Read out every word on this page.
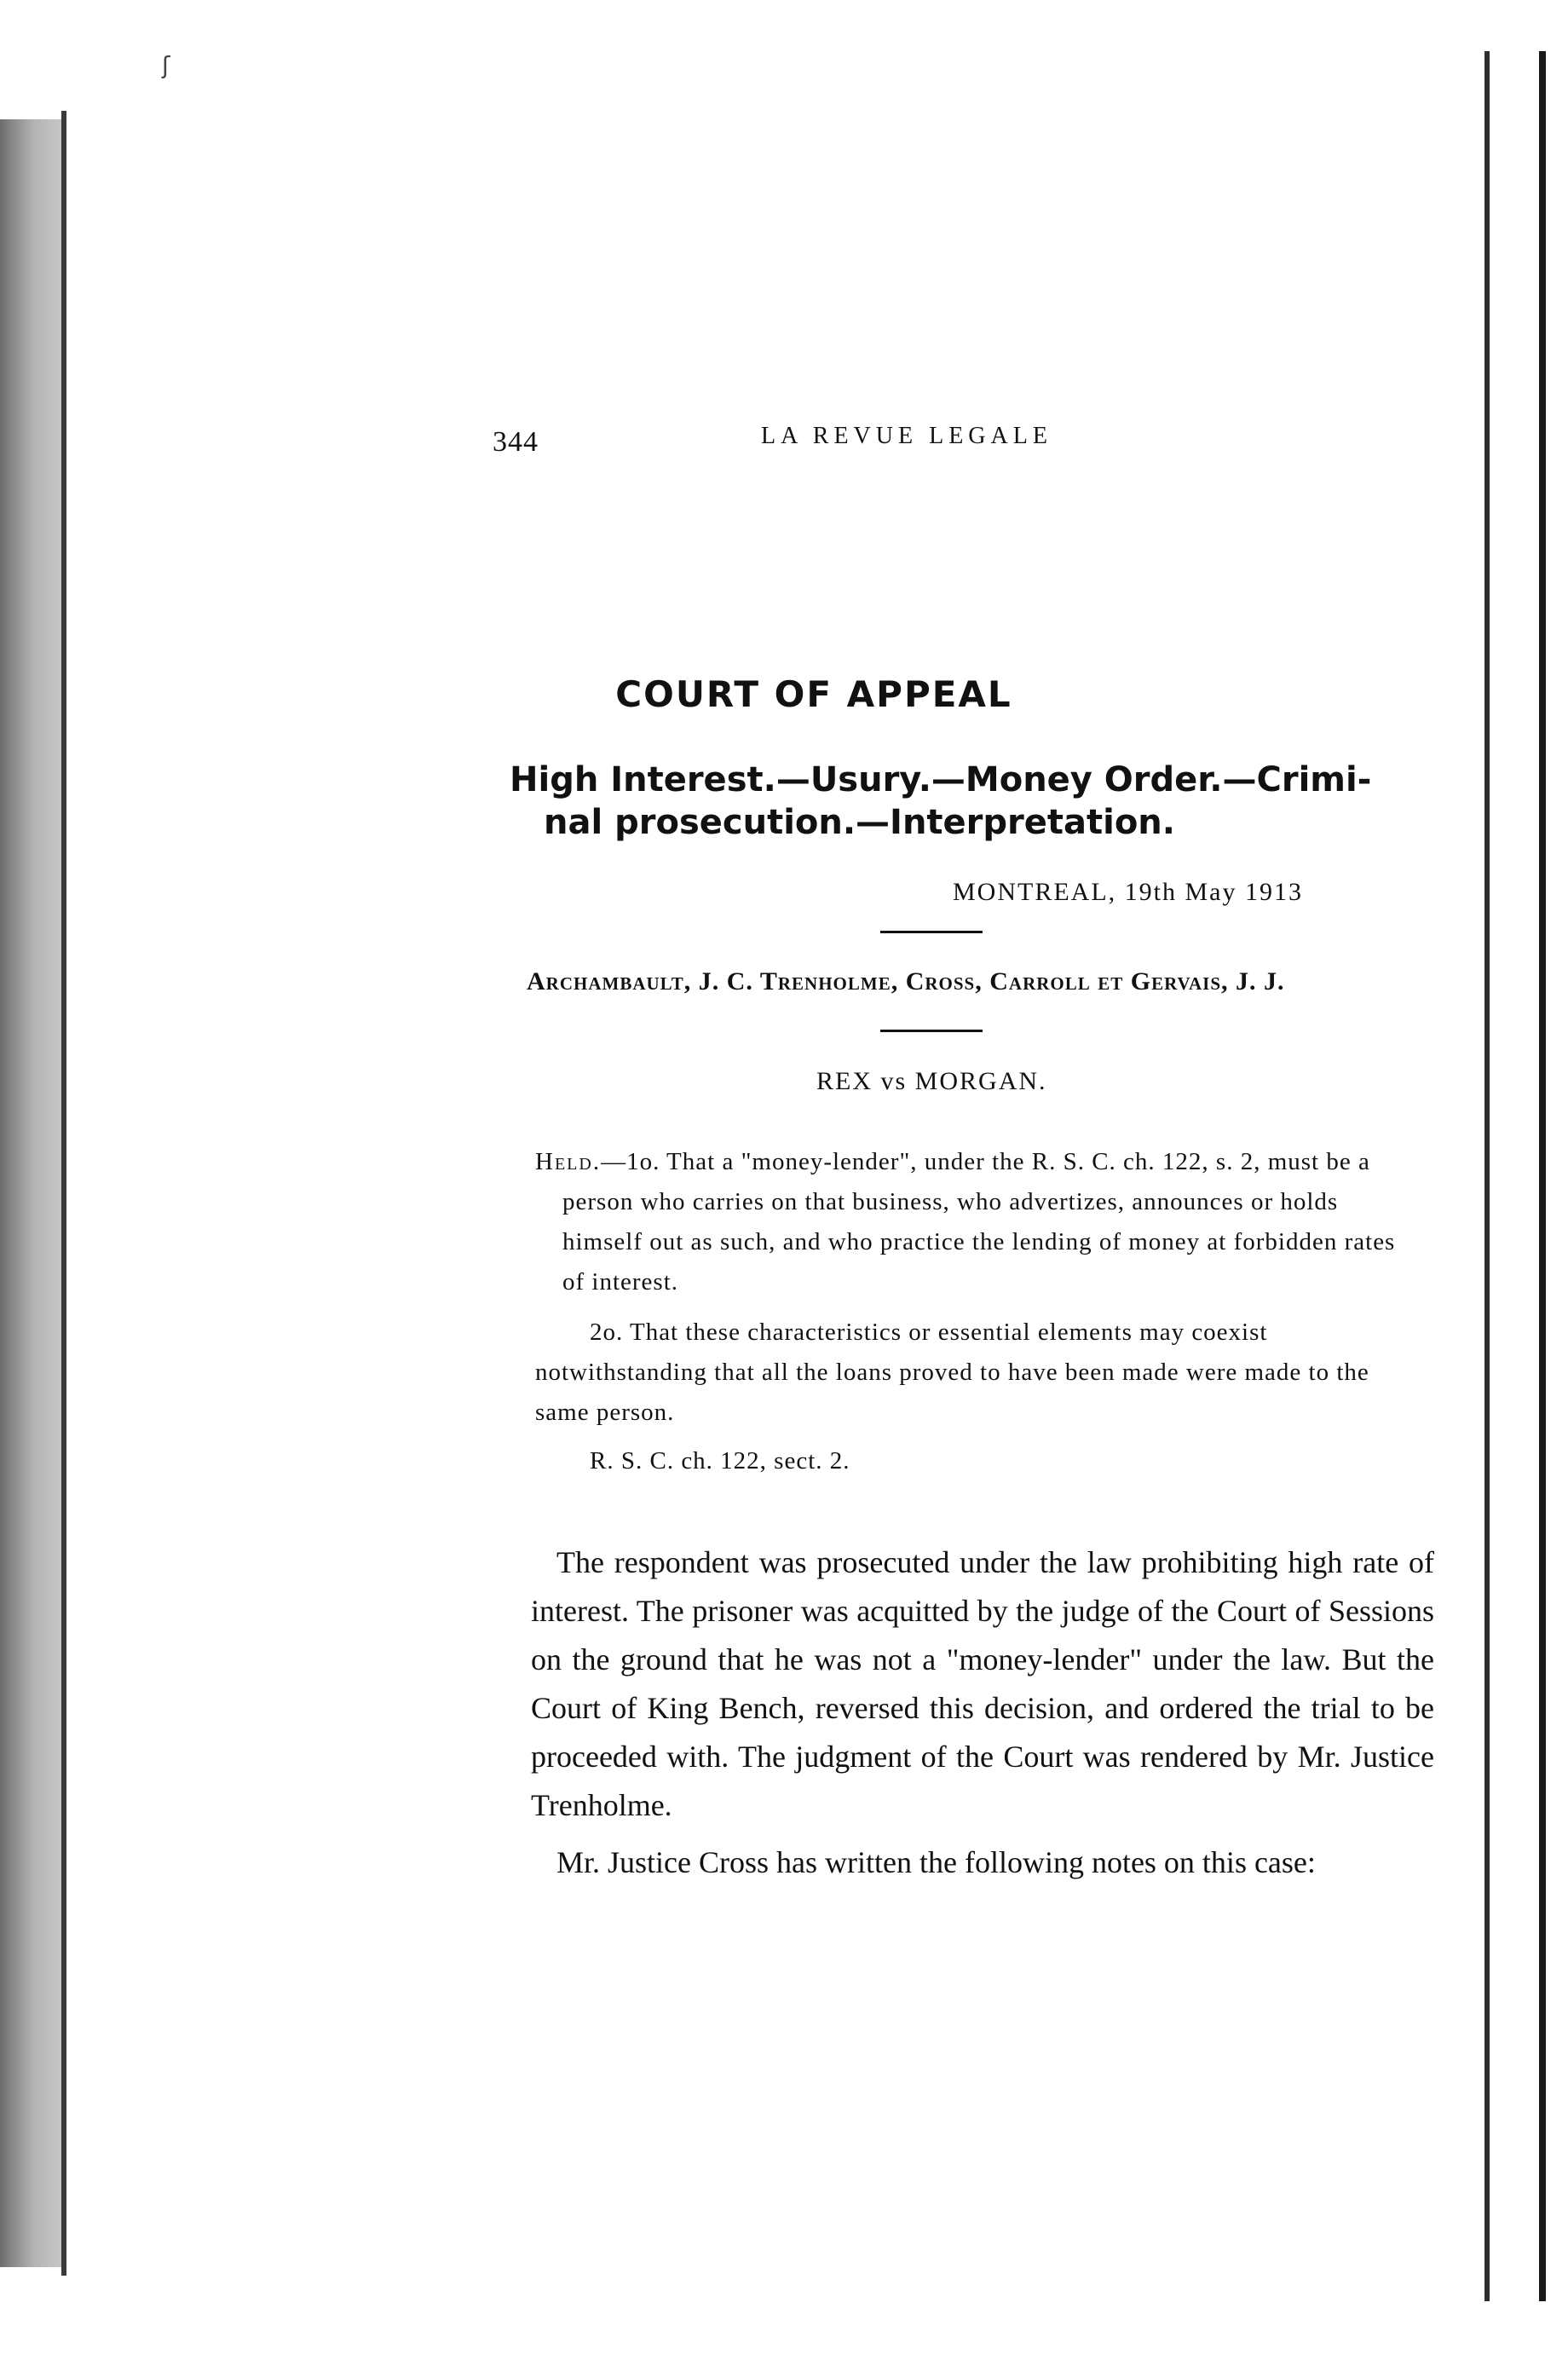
ʃ
344	LA REVUE LEGALE
COURT OF APPEAL
High Interest.—Usury.—Money Order.—Crimi-
nal prosecution.—Interpretation.
MONTREAL, 19th May 1913
Archambault, J. C. Trenholme, Cross, Carroll et Gervais, J. J.
REX vs MORGAN.

Held.—1o. That a "money-lender", under the R. S. C. ch. 122, s. 2, must be a person who carries on that business, who advertizes, announces or holds himself out as such, and who practice the lending of money at forbidden rates of interest.

2o. That these characteristics or essential elements may coexist notwithstanding that all the loans proved to have been made were made to the same person.

R. S. C. ch. 122, sect. 2.

The respondent was prosecuted under the law prohibiting high rate of interest. The prisoner was acquitted by the judge of the Court of Sessions on the ground that he was not a "money-lender" under the law. But the Court of King Bench, reversed this decision, and ordered the trial to be proceeded with. The judgment of the Court was rendered by Mr. Justice Trenholme.

Mr. Justice Cross has written the following notes on this case:
